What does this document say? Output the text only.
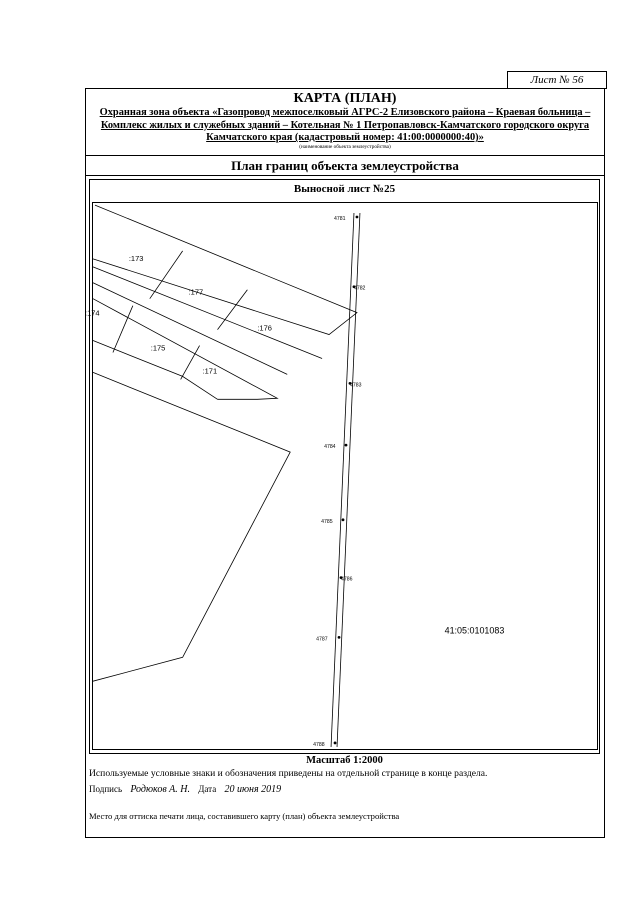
Лист № 56
КАРТА (ПЛАН)
Охранная зона объекта «Газопровод межпоселковый АГРС-2 Елизовского района – Краевая больница – Комплекс жилых и служебных зданий – Котельная № 1 Петропавловск-Камчатского городского округа Камчатского края (кадастровый номер: 41:00:0000000:40)»
(наименование объекта землеустройства)
План границ объекта землеустройства
Выносной лист №25
:173
:177
:176
:175
:171
:174
4781
4782
4783
4784
4785
4786
4787
4788
41:05:0101083
Масштаб 1:2000
Используемые условные знаки и обозначения приведены на отдельной странице в конце раздела.
Подпись Родюков А. Н. Дата 20 июня 2019
Место для оттиска печати лица, составившего карту (план) объекта землеустройства
